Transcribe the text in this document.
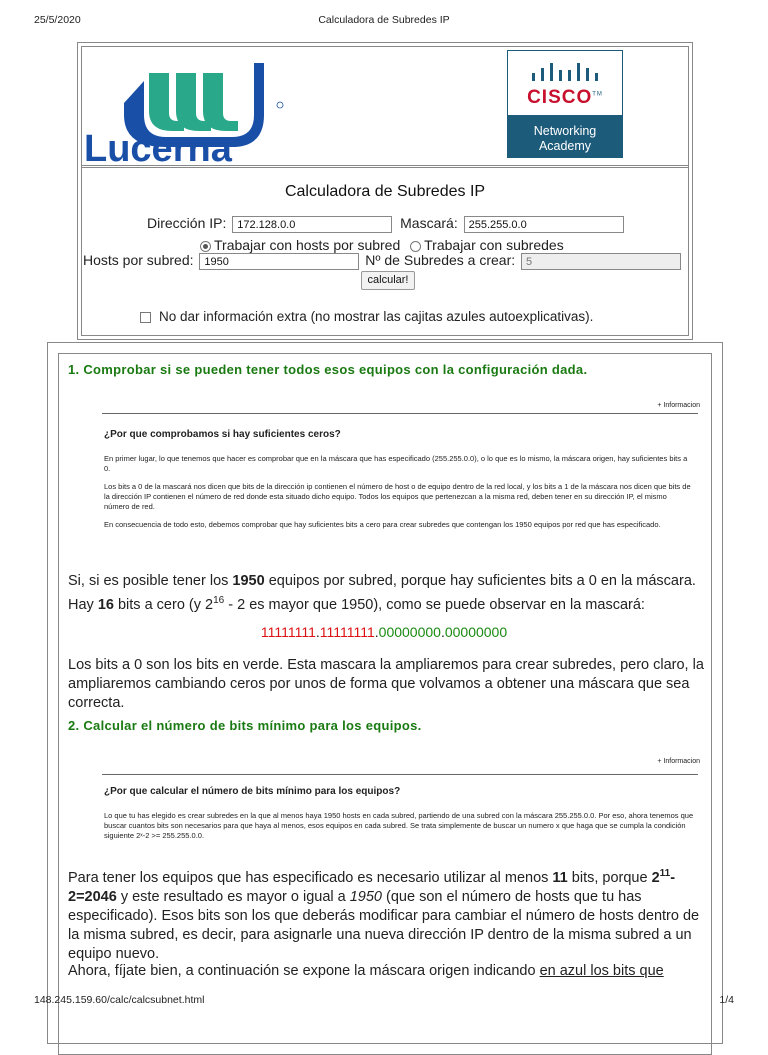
25/5/2020	Calculadora de Subredes IP
Lucerna
CISCO™
Networking
Academy
Calculadora de Subredes IP
Dirección IP: 172.128.0.0	Mascará: 255.255.0.0
Trabajar con hosts por subred Trabajar con subredes
Hosts por subred: 1950	Nº de Subredes a crear: 5
calcular!
No dar información extra (no mostrar las cajitas azules autoexplicativas).
1. Comprobar si se pueden tener todos esos equipos con la configuración dada.
+ Informacion
¿Por que comprobamos si hay suficientes ceros?

En primer lugar, lo que tenemos que hacer es comprobar que en la máscara que has especificado (255.255.0.0), o lo que es lo mismo, la máscara origen, hay suficientes bits a 0.

Los bits a 0 de la mascará nos dicen que bits de la dirección ip contienen el número de host o de equipo dentro de la red local, y los bits a 1 de la máscara nos dicen que bits de la dirección IP contienen el número de red donde esta situado dicho equipo. Todos los equipos que pertenezcan a la misma red, deben tener en su dirección IP, el mismo número de red.

En consecuencia de todo esto, debemos comprobar que hay suficientes bits a cero para crear subredes que contengan los 1950 equipos por red que has especificado.

Si, si es posible tener los 1950 equipos por subred, porque hay suficientes bits a 0 en la máscara. Hay 16 bits a cero (y $2^{16} - 2$ es mayor que 1950), como se puede observar en la mascará:
11111111.11111111.00000000.00000000
Los bits a 0 son los bits en verde. Esta mascara la ampliaremos para crear subredes, pero claro, la ampliaremos cambiando ceros por unos de forma que volvamos a obtener una máscara que sea correcta.
2. Calcular el número de bits mínimo para los equipos.
+ Informacion
¿Por que calcular el número de bits mínimo para los equipos?

Lo que tu has elegido es crear subredes en la que al menos haya 1950 hosts en cada subred, partiendo de una subred con la máscara 255.255.0.0. Por eso, ahora tenemos que buscar cuantos bits son necesarios para que haya al menos, esos equipos en cada subred. Se trata simplemente de buscar un numero x que haga que se cumpla la condición siguiente 2ˣ-2 >= 255.255.0.0.

Para tener los equipos que has especificado es necesario utilizar al menos 11 bits, porque $2^{11}-2=2046$ y este resultado es mayor o igual a 1950 (que son el número de hosts que tu has especificado). Esos bits son los que deberás modificar para cambiar el número de hosts dentro de la misma subred, es decir, para asignarle una nueva dirección IP dentro de la misma subred a un equipo nuevo.
Ahora, fíjate bien, a continuación se expone la máscara origen indicando en azul los bits que
148.245.159.60/calc/calcsubnet.html	1/4
